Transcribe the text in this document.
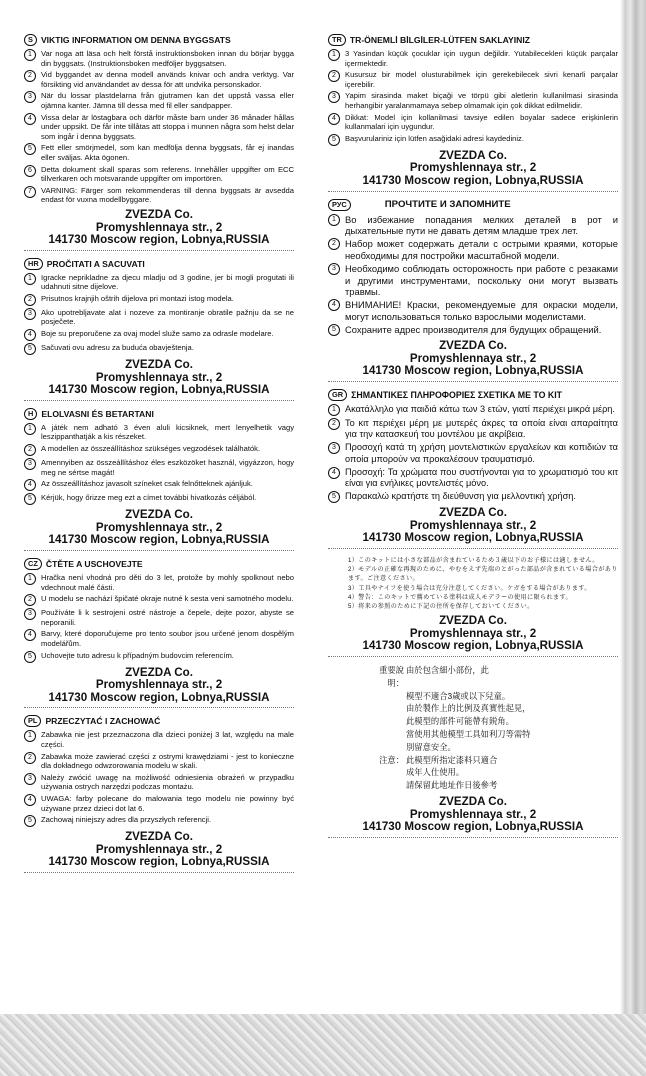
S VIKTIG INFORMATION OM DENNA BYGGSATS
1	Var noga att läsa och helt förstå instruktionsboken innan du börjar bygga din byggsats. (Instruktionsboken medföljer byggsatsen.
2	Vid byggandet av denna modell används knivar och andra verktyg. Var försikting vid användandet av dessa för att undvika personskador.
3	När du lossar plastdelarna från gjutramen kan det uppstå vassa eller ojämna kanter. Jämna till dessa med fil eller sandpapper.
4	Vissa delar är löstagbara och därför måste barn under 36 månader hållas under uppsikt. De får inte tillåtas att stoppa i munnen några som helst delar som ingår i denna byggsats.
5	Fett eller smörjmedel, som kan medfölja denna byggsats, får ej inandas eller sväljas. Akta ögonen.
6	Detta dokument skall sparas som referens. Innehåller uppgifter om ECC tillverkaren och motsvarande uppgifter om importören.
7	VARNING: Färger som rekommenderas till denna byggsats är avsedda endast för vuxna modellbyggare.
ZVEZDA Co.
Promyshlennaya str., 2
141730 Moscow region, Lobnya,RUSSIA
HR PROČITATI A SACUVATI
1	Igracke neprikladne za djecu mladju od 3 godine, jer bi mogli progutati ili udahnuti sitne dijelove.
2	Prisutnos krajnjih oštrih dijelova pri montazi istog modela.
3	Ako upotrebljavate alat i nozeve za montiranje obratile pažnju da se ne posječete.
4	Boje su preporučene za ovaj model služe samo za odrasle modelare.
5	Sačuvati ovu adresu za buduća obavještenja.
ZVEZDA Co.
Promyshlennaya str., 2
141730 Moscow region, Lobnya,RUSSIA
H ELOLVASNI ÉS BETARTANI
1	A játék nem adható 3 éven aluli kicsiknek, mert lenyelhetik vagy leszippanthatják a kis részeket.
2	A modellen az összeállításhoz szükséges vegzodések találhatók.
3	Amennyiben az összeállításhoz éles eszközöket használ, vigyázzon, hogy meg ne sértse magát!
4	Az összeállításhoz javasolt színeket csak felnőtteknek ajánljuk.
5	Kérjük, hogy őrizze meg ezt a címet további hivatkozás céljából.
ZVEZDA Co.
Promyshlennaya str., 2
141730 Moscow region, Lobnya,RUSSIA
CZ ČTĚTE A USCHOVEJTE
1	Hračka není vhodná pro děti do 3 let, protože by mohly spolknout nebo vdechnout malé části.
2	U modelu se nachází špičaté okraje nutné k sesta veni samotného modelu.
3	Používáte li k sestrojeni ostré nástroje a čepele, dejte pozor, abyste se neporanili.
4	Barvy, které doporučujeme pro tento soubor jsou určené jenom dospělým modelářům.
5	Uchovejte tuto adresu k případným budovcim referencím.
ZVEZDA Co.
Promyshlennaya str., 2
141730 Moscow region, Lobnya,RUSSIA
PL PRZECZYTAĆ I ZACHOWAĆ
1	Zabawka nie jest przeznaczona dla dzieci poniżej 3 lat, względu na male części.
2	Zabawka może zawierać części z ostrymi krawędziami - jest to konieczne dla dokładnego odwzorowania modelu w skali.
3	Należy zwócić uwagę na możliwość odniesienia obrażeń w przypadku używania ostrych narzędzi podczas montażu.
4	UWAGA: farby polecane do malowania tego modelu nie powinny być używane przez dzieci dot lat 6.
5	Zachowaj niniejszy adres dla przyszłych referencji.
ZVEZDA Co.
Promyshlennaya str., 2
141730 Moscow region, Lobnya,RUSSIA
TR TR-ÖNEMLİ BİLGİLER-LÜTFEN SAKLAYINIZ
1	3 Yasindan küçük çocuklar için uygun değildir. Yutabilecekleri küçük parçalar içermektedir.
2	Kusursuz bir model olusturabilmek için gerekebilecek sivri kenarli parçalar içerebilir.
3	Yapim sirasinda maket biçaği ve törpü gibi aletlerin kullanilmasi sirasinda herhangibir yaralanmamaya sebep olmamak için çok dikkat edilmelidir.
4	Dikkat: Model için kollanilmasi tavsiye edilen boyalar sadece erişkinlerin kullanmalari için uygundur.
5	Başvurulariniz için lütfen asağidaki adresi kaydediniz.
ZVEZDA Co.
Promyshlennaya str., 2
141730 Moscow region, Lobnya,RUSSIA
РУС	ПРОЧТИТЕ И ЗАПОМНИТЕ
1 Во избежание попадания мелких деталей в рот и дыхательные пути не давать детям младше трех лет.
2 Набор может содержать детали с острыми краями, которые необходимы для постройки масштабной модели.
3 Необходимо соблюдать осторожность при работе с резаками и другими инструментами, поскольку они могут вызвать травмы.
4 ВНИМАНИЕ! Краски, рекомендуемые для окраски модели, могут использоваться только взрослыми моделистами.
5 Сохраните адрес производителя для будущих обращений.
ZVEZDA Co.
Promyshlennaya str., 2
141730 Moscow region, Lobnya,RUSSIA
GR ΣΗΜΑΝΤΙΚΕΣ ΠΛΗΡΟΦΟΡΙΕΣ ΣΧΕΤΙΚΑ ΜΕ ΤΟ ΚΙΤ
1 Ακατάλληλο για παιδιά κάτω των 3 ετών, γιατί περιέχει μικρά μέρη.
2 Το κιτ περιέχει μέρη με μυτερές άκρες τα οποία είναι απαραίτητα για την κατασκευή του μοντέλου με ακρίβεια.
3 Προσοχή κατά τη χρήση μοντελιστικών εργαλείων και κοπιδιών τα οποία μπορούν να προκαλέσουν τραυματισμό.
4 Προσοχή: Τα χρώματα που συστήνονται για το χρωματισμό του κιτ είναι για ενήλικες μοντελιστές μόνο.
5 Παρακαλώ κρατήστε τη διεύθυνση για μελλοντική χρήση.
ZVEZDA Co.
Promyshlennaya str., 2
141730 Moscow region, Lobnya,RUSSIA
1）このキットには小さな部品が含まれているため３歳以下のお子様には適しません。
2）モデルの正確な再現のために、やむをえず先端のとがった部品が含まれている場合があります。ご注意ください。
3）工具やナイフを使う場合は充分注意してください。ケガをする場合があります。
4）警告：このキットで薦めている塗料は成人モデラーの使用に限られます。
5）将来の参照のために下記の住所を保存しておいてください。
ZVEZDA Co.
Promyshlennaya str., 2
141730 Moscow region, Lobnya,RUSSIA
重要說明：
由於包含細小部份，此
模型不適合3歲或以下兒童。
由於製作上的比例及真實性起見，
此模型的部件可能帶有鋭角。
當使用其他模型工具如利刀等需特
別留意安全。
注意： 此模型所指定漆料只適合
成年人仕使用。
請保留此地址作日後參考
ZVEZDA Co.
Promyshlennaya str., 2
141730 Moscow region, Lobnya,RUSSIA
